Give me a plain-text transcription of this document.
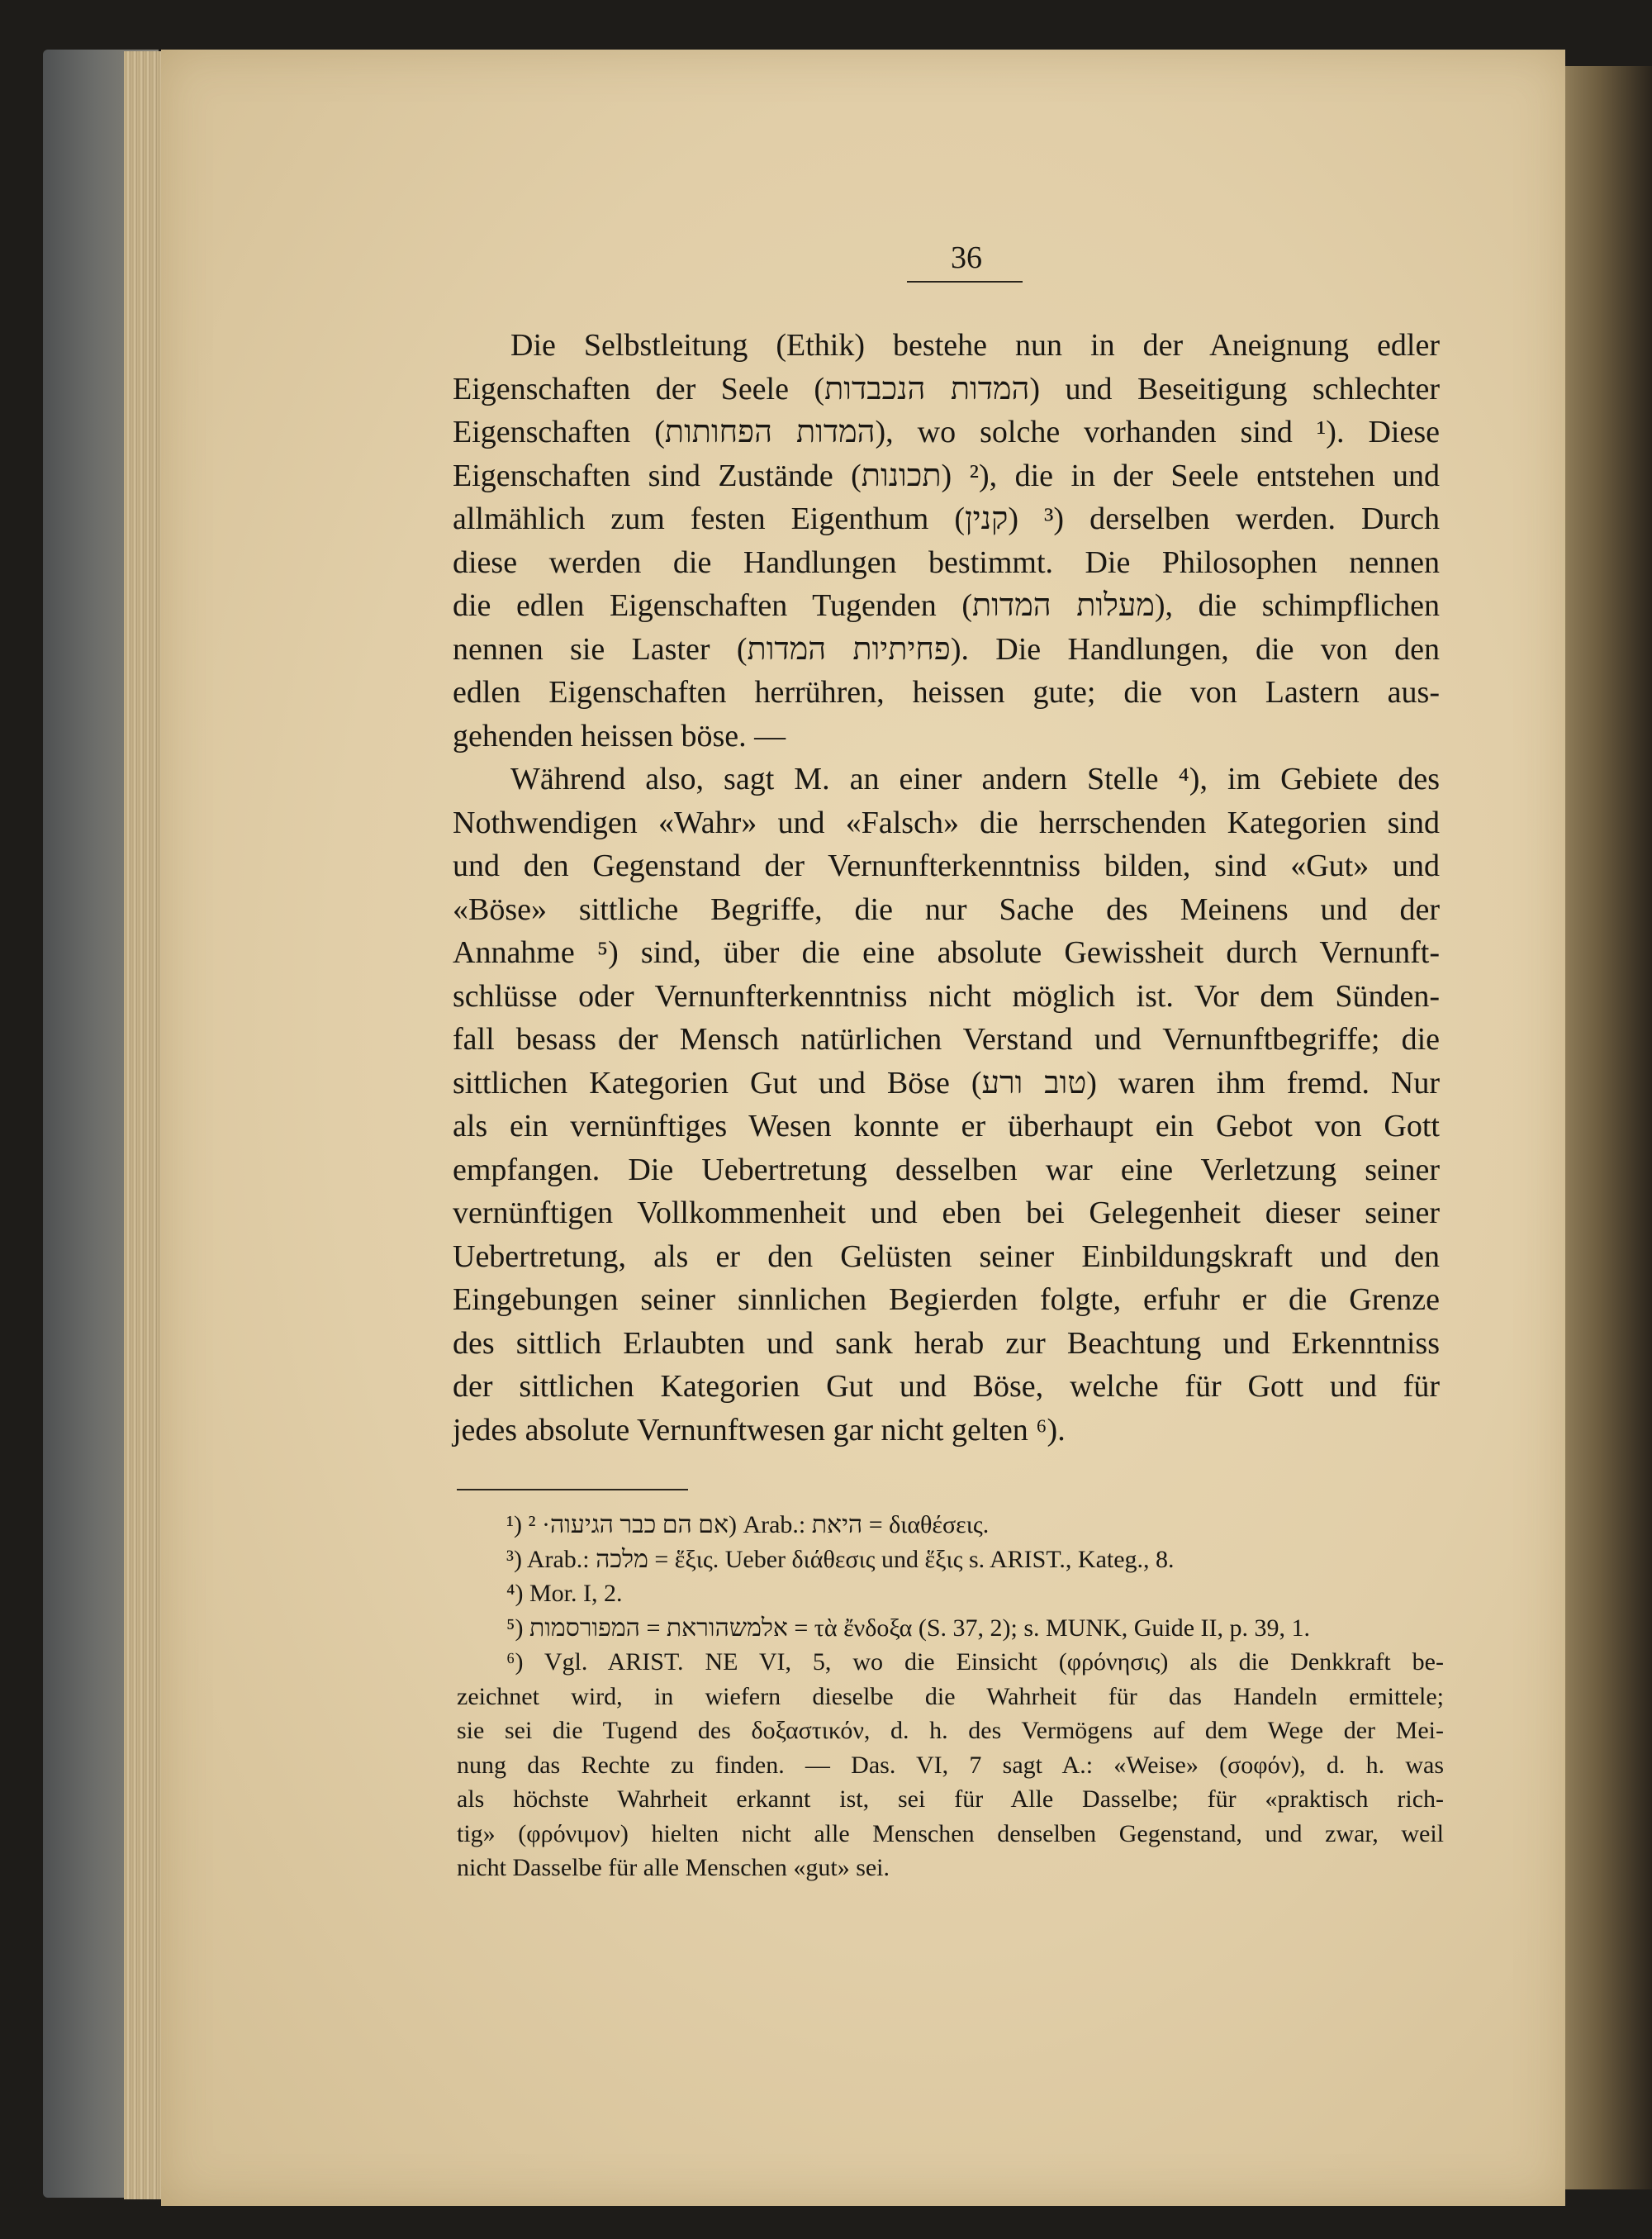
36
Die Selbstleitung (Ethik) bestehe nun in der Aneignung edler
Eigenschaften der Seele (המדות הנכבדות) und Beseitigung schlechter
Eigenschaften (המדות הפחותות), wo solche vorhanden sind ¹). Diese
Eigenschaften sind Zustände (תכונות) ²), die in der Seele entstehen und
allmählich zum festen Eigenthum (קנין) ³) derselben werden. Durch
diese werden die Handlungen bestimmt. Die Philosophen nennen
die edlen Eigenschaften Tugenden (מעלות המדות), die schimpflichen
nennen sie Laster (פחיתיות המדות). Die Handlungen, die von den
edlen Eigenschaften herrühren, heissen gute; die von Lastern aus-
gehenden heissen böse. —
Während also, sagt M. an einer andern Stelle ⁴), im Gebiete des
Nothwendigen «Wahr» und «Falsch» die herrschenden Kategorien sind
und den Gegenstand der Vernunfterkenntniss bilden, sind «Gut» und
«Böse» sittliche Begriffe, die nur Sache des Meinens und der
Annahme ⁵) sind, über die eine absolute Gewissheit durch Vernunft-
schlüsse oder Vernunfterkenntniss nicht möglich ist. Vor dem Sünden-
fall besass der Mensch natürlichen Verstand und Vernunftbegriffe; die
sittlichen Kategorien Gut und Böse (טוב ורע) waren ihm fremd. Nur
als ein vernünftiges Wesen konnte er überhaupt ein Gebot von Gott
empfangen. Die Uebertretung desselben war eine Verletzung seiner
vernünftigen Vollkommenheit und eben bei Gelegenheit dieser seiner
Uebertretung, als er den Gelüsten seiner Einbildungskraft und den
Eingebungen seiner sinnlichen Begierden folgte, erfuhr er die Grenze
des sittlich Erlaubten und sank herab zur Beachtung und Erkenntniss
der sittlichen Kategorien Gut und Böse, welche für Gott und für
jedes absolute Vernunftwesen gar nicht gelten ⁶).
¹) אם הם כבר הגיעוה· ²) Arab.: היאת = διαθέσεις.
³) Arab.: מלכה = ἕξις. Ueber διάθεσις und ἕξις s. ARIST., Kateg., 8.
⁴) Mor. I, 2.
⁵) אלמשהוראת = המפורסמות = τὰ ἔνδοξα (S. 37, 2); s. MUNK, Guide II, p. 39, 1.
⁶) Vgl. ARIST. NE VI, 5, wo die Einsicht (φρόνησις) als die Denkkraft be-
zeichnet wird, in wiefern dieselbe die Wahrheit für das Handeln ermittele;
sie sei die Tugend des δοξαστικόν, d. h. des Vermögens auf dem Wege der Mei-
nung das Rechte zu finden. — Das. VI, 7 sagt A.: «Weise» (σοφόν), d. h. was
als höchste Wahrheit erkannt ist, sei für Alle Dasselbe; für «praktisch rich-
tig» (φρόνιμον) hielten nicht alle Menschen denselben Gegenstand, und zwar, weil
nicht Dasselbe für alle Menschen «gut» sei.
